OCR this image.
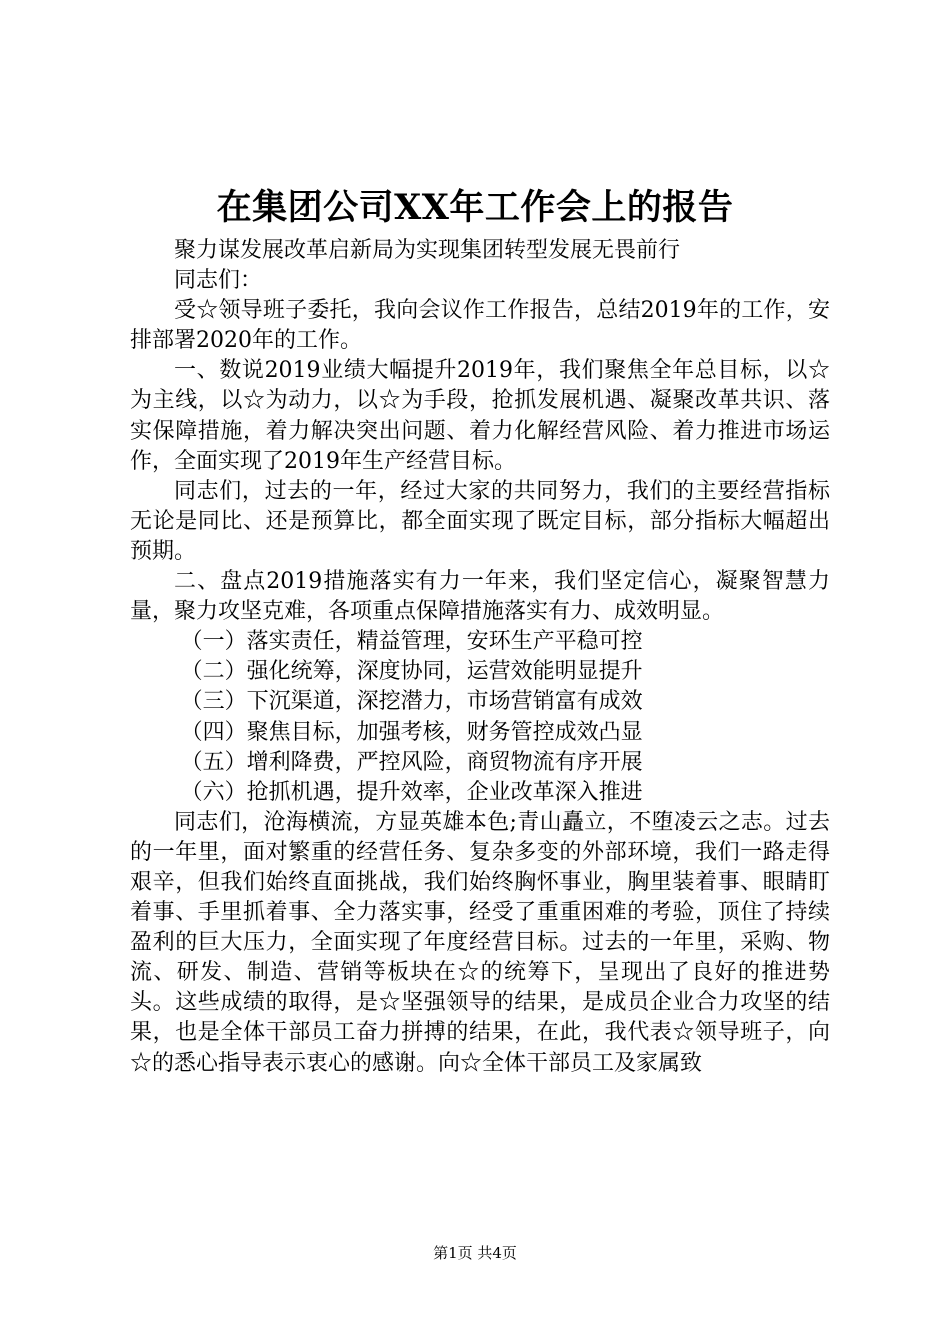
在集团公司XX年工作会上的报告

聚力谋发展改革启新局为实现集团转型发展无畏前行

同志们：

受☆领导班子委托，我向会议作工作报告，总结2019年的工作，安排部署2020年的工作。

一、数说2019业绩大幅提升2019年，我们聚焦全年总目标，以☆为主线，以☆为动力，以☆为手段，抢抓发展机遇、凝聚改革共识、落实保障措施，着力解决突出问题、着力化解经营风险、着力推进市场运作，全面实现了2019年生产经营目标。

同志们，过去的一年，经过大家的共同努力，我们的主要经营指标无论是同比、还是预算比，都全面实现了既定目标，部分指标大幅超出预期。

二、盘点2019措施落实有力一年来，我们坚定信心，凝聚智慧力量，聚力攻坚克难，各项重点保障措施落实有力、成效明显。

（一）落实责任，精益管理，安环生产平稳可控

（二）强化统筹，深度协同，运营效能明显提升

（三）下沉渠道，深挖潜力，市场营销富有成效

（四）聚焦目标，加强考核，财务管控成效凸显

（五）增利降费，严控风险，商贸物流有序开展

（六）抢抓机遇，提升效率，企业改革深入推进

同志们，沧海横流，方显英雄本色;青山矗立，不堕凌云之志。过去的一年里，面对繁重的经营任务、复杂多变的外部环境，我们一路走得艰辛，但我们始终直面挑战，我们始终胸怀事业，胸里装着事、眼睛盯着事、手里抓着事、全力落实事，经受了重重困难的考验，顶住了持续盈利的巨大压力，全面实现了年度经营目标。过去的一年里，采购、物流、研发、制造、营销等板块在☆的统筹下，呈现出了良好的推进势头。这些成绩的取得，是☆坚强领导的结果，是成员企业合力攻坚的结果，也是全体干部员工奋力拼搏的结果，在此，我代表☆领导班子，向☆的悉心指导表示衷心的感谢。向☆全体干部员工及家属致

第1页 共4页
